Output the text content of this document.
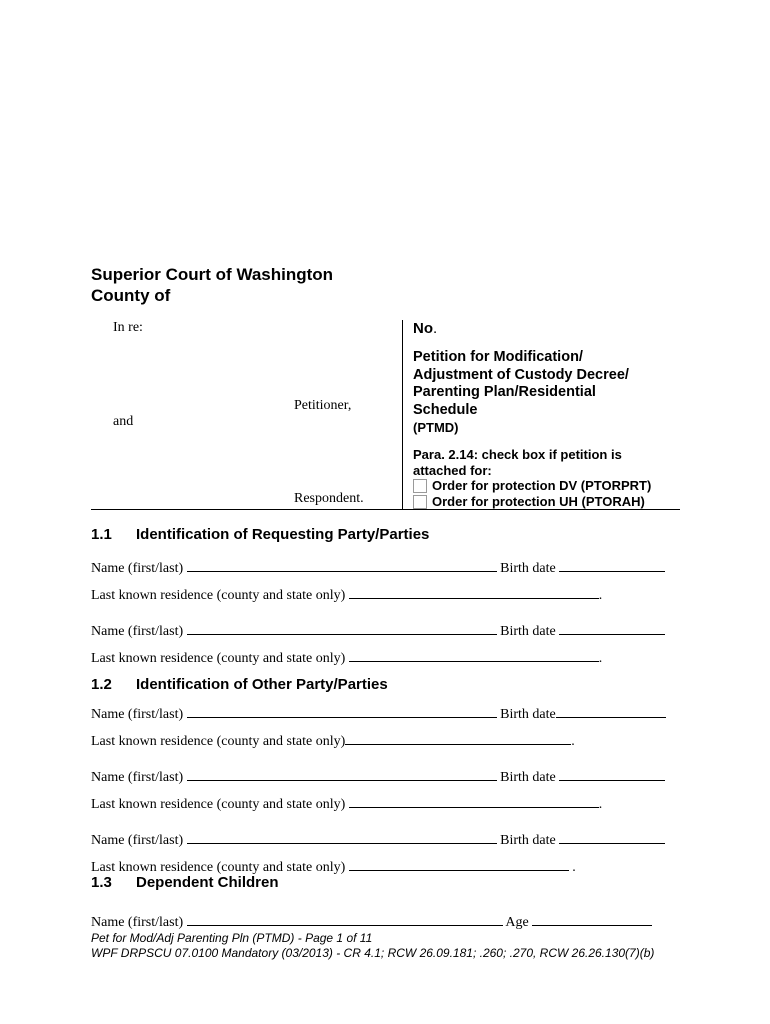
Superior Court of Washington
County of
In re:
Petitioner,
and
Respondent.
No.
Petition for Modification/
Adjustment of Custody Decree/
Parenting Plan/Residential
Schedule
(PTMD)
Para. 2.14: check box if petition is
attached for:
Order for protection DV (PTORPRT)
Order for protection UH (PTORAH)
1.1 Identification of Requesting Party/Parties
Name (first/last)	Birth date
Last known residence (county and state only)	.
Name (first/last)	Birth date
Last known residence (county and state only)	.
1.2 Identification of Other Party/Parties
Name (first/last)	Birth date
Last known residence (county and state only)	.
Name (first/last)	Birth date
Last known residence (county and state only)	.
Name (first/last)	Birth date
Last known residence (county and state only)	.
1.3 Dependent Children
Name (first/last)	Age
Pet for Mod/Adj Parenting Pln (PTMD) - Page 1 of 11
WPF DRPSCU 07.0100 Mandatory (03/2013) - CR 4.1; RCW 26.09.181; .260; .270, RCW 26.26.130(7)(b)
